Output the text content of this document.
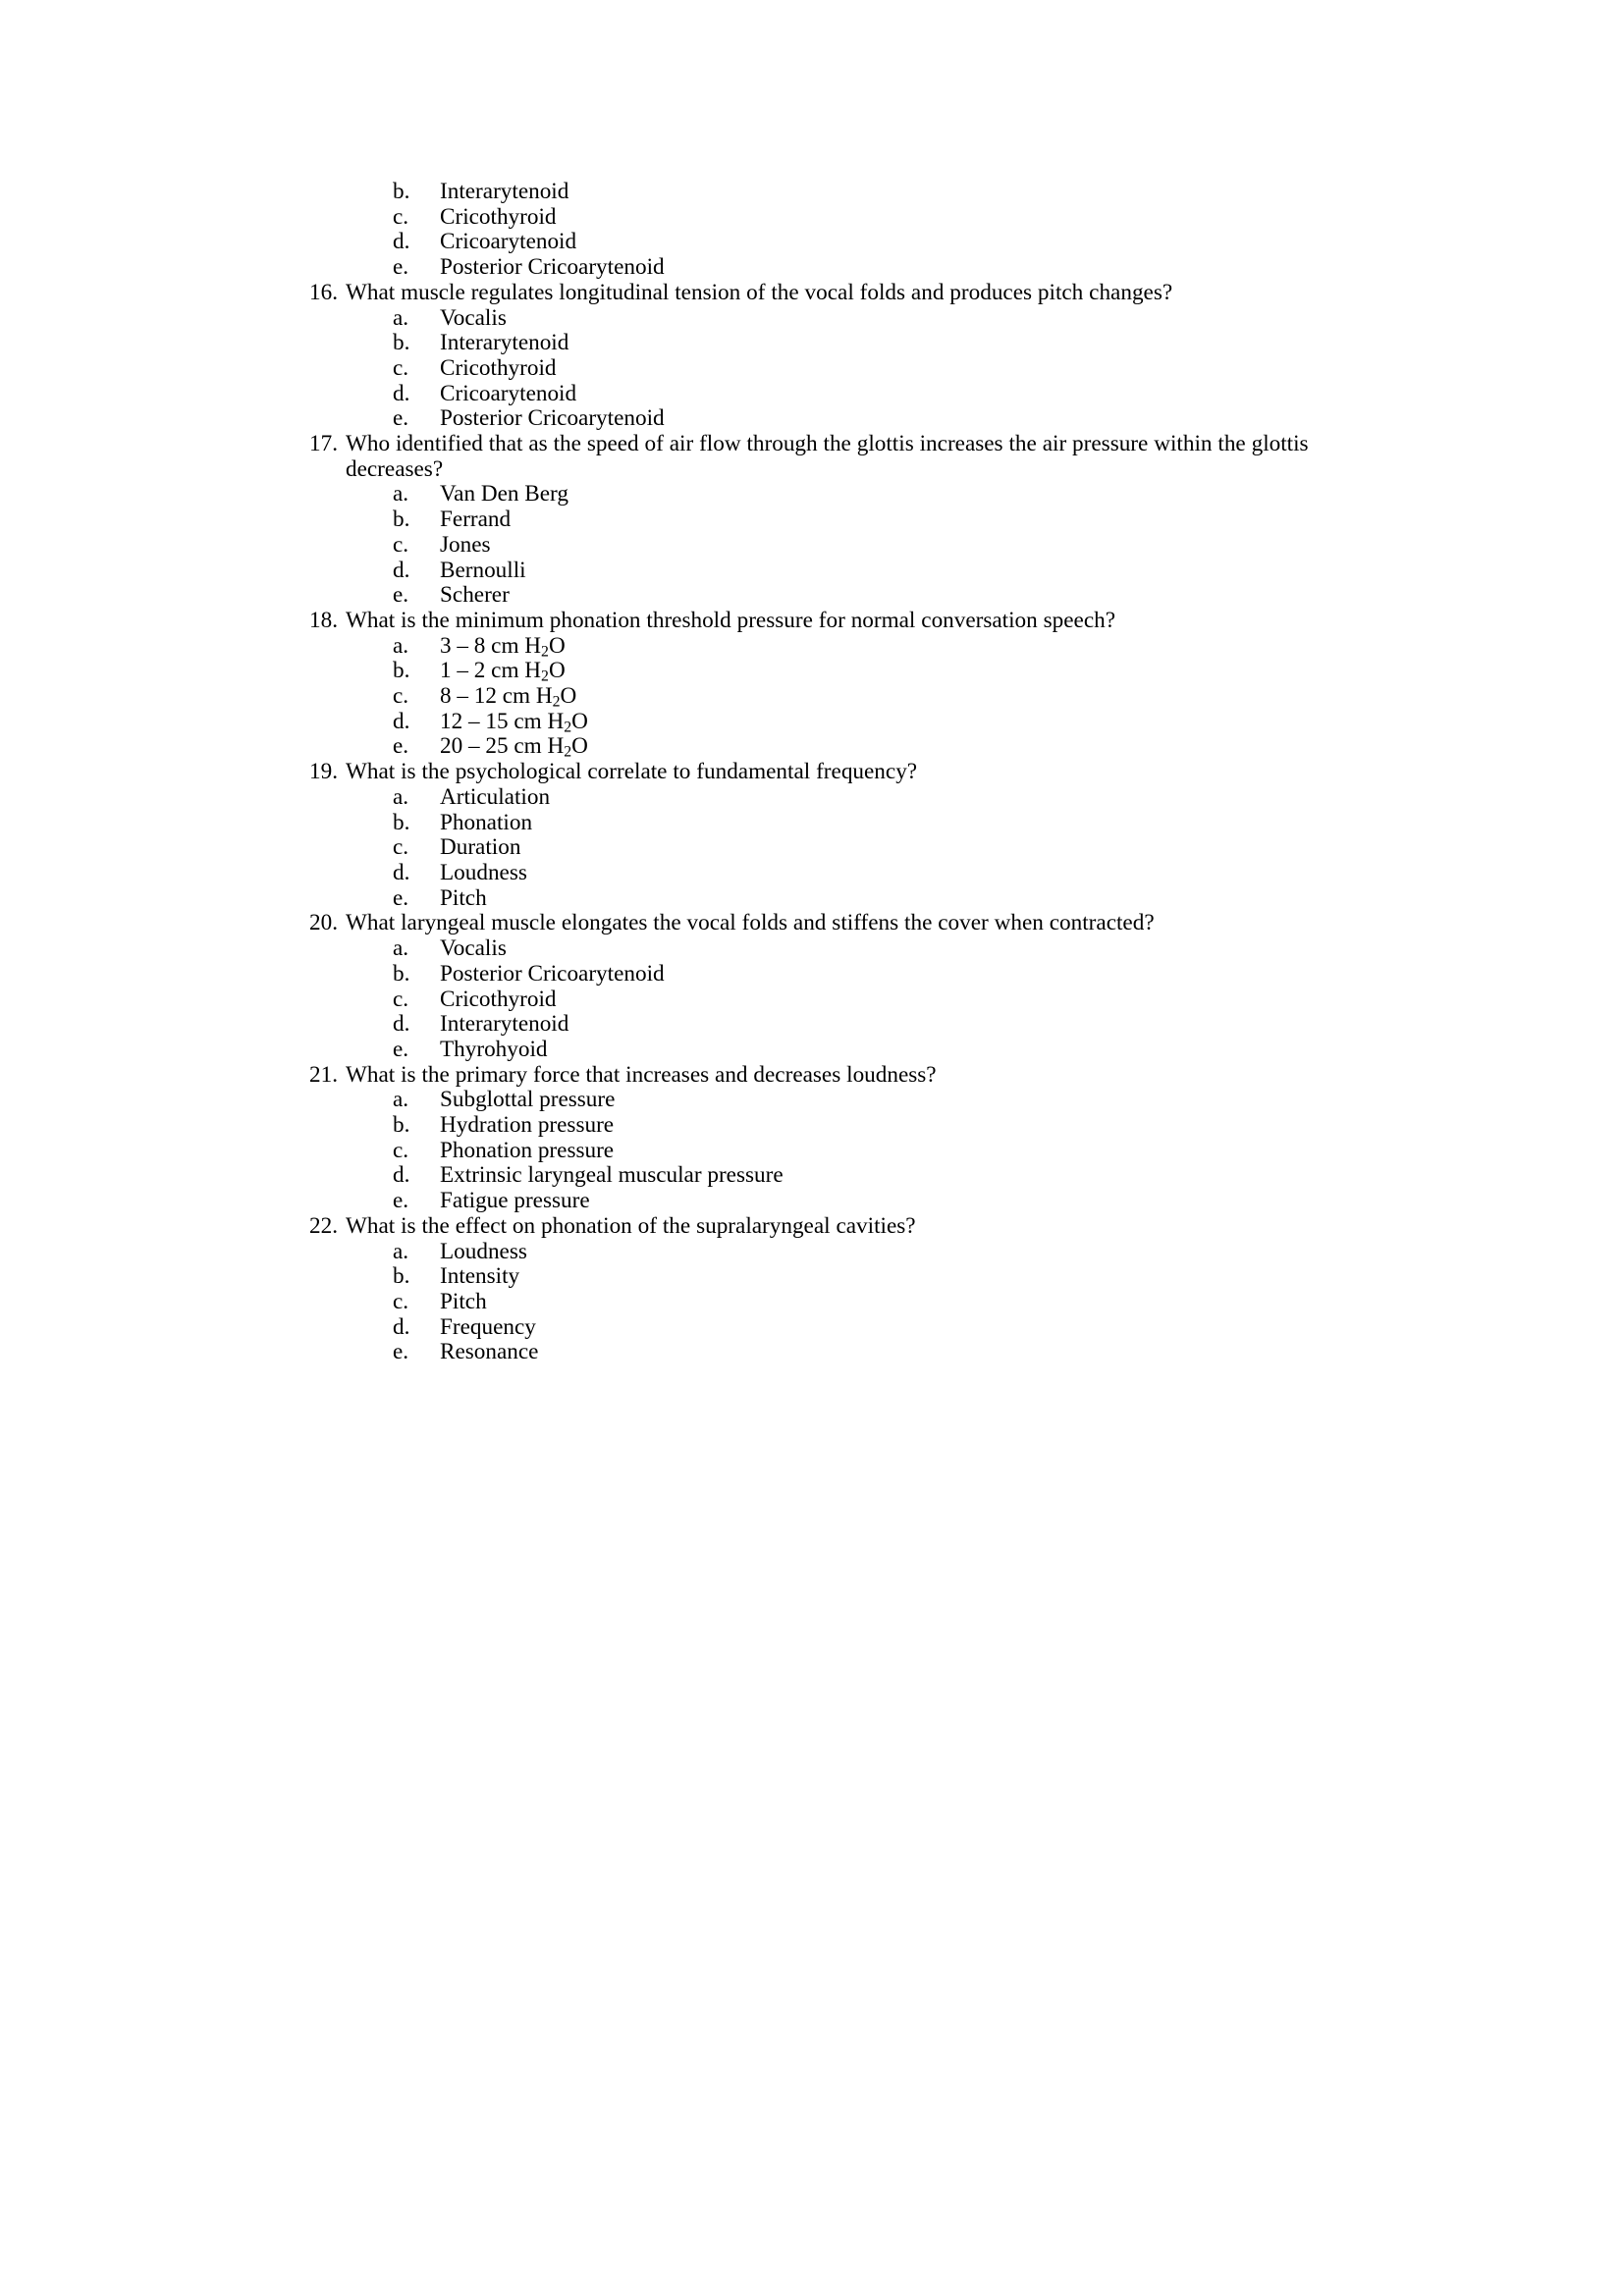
b.	Interarytenoid
c.	Cricothyroid
d.	Cricoarytenoid
e.	Posterior Cricoarytenoid
16. What muscle regulates longitudinal tension of the vocal folds and produces pitch changes?
a.	Vocalis
b.	Interarytenoid
c.	Cricothyroid
d.	Cricoarytenoid
e.	Posterior Cricoarytenoid
17. Who identified that as the speed of air flow through the glottis increases the air pressure within the glottis decreases?
a.	Van Den Berg
b.	Ferrand
c.	Jones
d.	Bernoulli
e.	Scherer
18. What is the minimum phonation threshold pressure for normal conversation speech?
a.	3 – 8 cm $H_2O$
b.	1 – 2 cm $H_2O$
c.	8 – 12 cm $H_2O$
d.	12 – 15 cm $H_2O$
e.	20 – 25 cm $H_2O$
19. What is the psychological correlate to fundamental frequency?
a.	Articulation
b.	Phonation
c.	Duration
d.	Loudness
e.	Pitch
20. What laryngeal muscle elongates the vocal folds and stiffens the cover when contracted?
a.	Vocalis
b.	Posterior Cricoarytenoid
c.	Cricothyroid
d.	Interarytenoid
e.	Thyrohyoid
21. What is the primary force that increases and decreases loudness?
a.	Subglottal pressure
b.	Hydration pressure
c.	Phonation pressure
d.	Extrinsic laryngeal muscular pressure
e.	Fatigue pressure
22. What is the effect on phonation of the supralaryngeal cavities?
a.	Loudness
b.	Intensity
c.	Pitch
d.	Frequency
e.	Resonance
